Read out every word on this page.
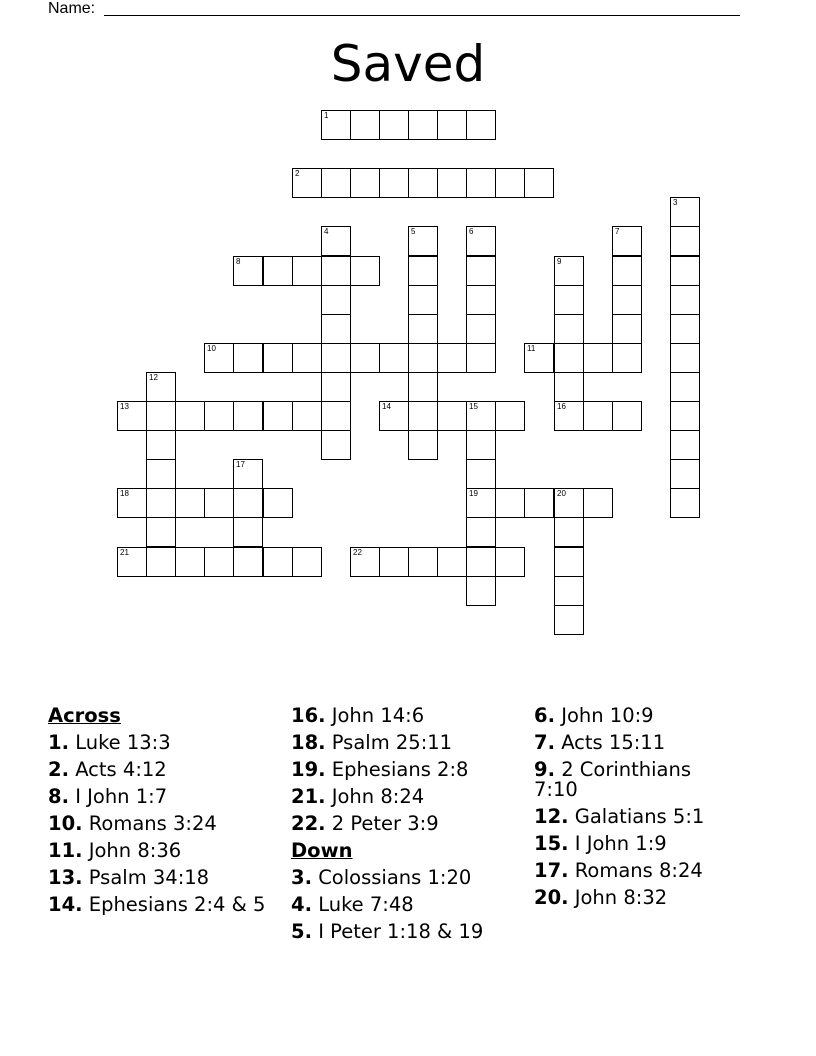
Name:
Saved
1
2
3
4	5	6	7
8	9
16
10	11
12
13	14	15
19
17
18	20
21	22
Across
1. Luke 13:3
2. Acts 4:12
8. I John 1:7
10. Romans 3:24
11. John 8:36
13. Psalm 34:18
14. Ephesians 2:4 & 5
16. John 14:6
18. Psalm 25:11
19. Ephesians 2:8
21. John 8:24
22. 2 Peter 3:9
Down
3. Colossians 1:20
4. Luke 7:48
5. I Peter 1:18 & 19
6. John 10:9
7. Acts 15:11
9. 2 Corinthians 7:10
12. Galatians 5:1
15. I John 1:9
17. Romans 8:24
20. John 8:32
